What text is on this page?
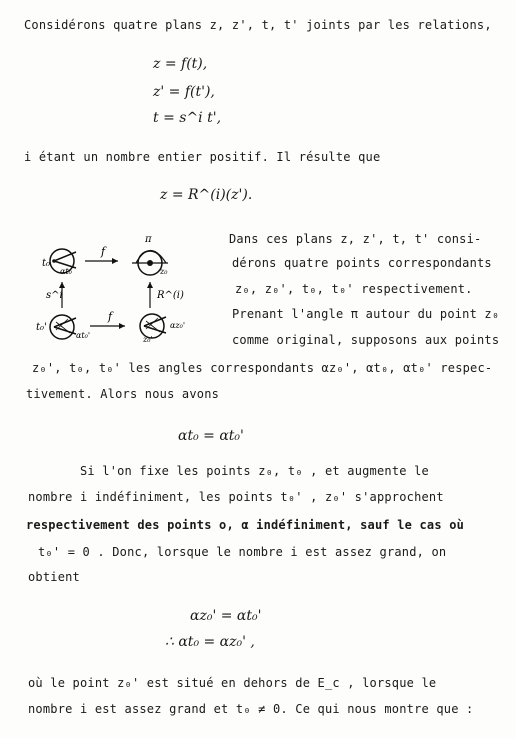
Considérons quatre plans z, z', t, t' joints par les relations,
z = f(t),
z' = f(t'),
t = s^i t',
i étant un nombre entier positif. Il résulte que
z = R^(i)(z').
t₀
αt₀
f
π
z₀
s^i	R^(i)
t₀'
αt₀'
f
z₀'
αz₀'
Dans ces plans z, z', t, t' consi-
dérons quatre points correspondants
z₀, z₀', t₀, t₀' respectivement.
Prenant l'angle π autour du point z₀
comme original, supposons aux points
z₀', t₀, t₀' les angles correspondants αz₀', αt₀, αt₀' respec-
tivement. Alors nous avons
αt₀ = αt₀'
Si l'on fixe les points z₀, t₀ , et augmente le
nombre i indéfiniment, les points t₀' , z₀' s'approchent
respectivement des points o, α indéfiniment, sauf le cas où
t₀' = 0 . Donc, lorsque le nombre i est assez grand, on
obtient
αz₀' = αt₀'
∴ αt₀ = αz₀' ,
où le point z₀' est situé en dehors de E_c , lorsque le
nombre i est assez grand et t₀ ≠ 0. Ce qui nous montre que :
